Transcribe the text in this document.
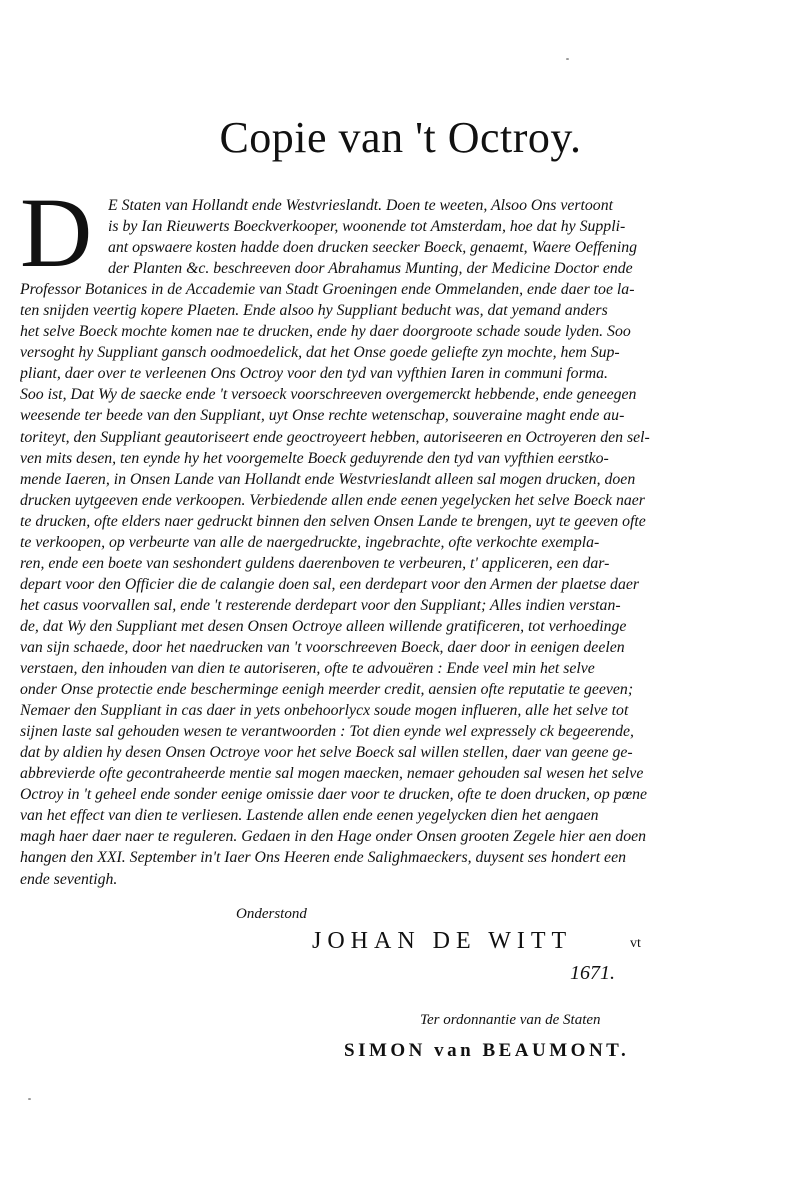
Copie van 't Octroy.
D E Staten van Hollandt ende Westvrieslandt. Doen te weeten, Alsoo Ons vertoont
is by Ian Rieuwerts Boeckverkooper, woonende tot Amsterdam, hoe dat hy Suppli-
ant opswaere kosten hadde doen drucken seecker Boeck, genaemt, Waere Oeffening
der Planten &c. beschreeven door Abrahamus Munting, der Medicine Doctor ende
Professor Botanices in de Accademie van Stadt Groeningen ende Ommelanden, ende daer toe la-
ten snijden veertig kopere Plaeten. Ende alsoo hy Suppliant beducht was, dat yemand anders
het selve Boeck mochte komen nae te drucken, ende hy daer doorgroote schade soude lyden. Soo
versoght hy Suppliant gansch oodmoedelick, dat het Onse goede geliefte zyn mochte, hem Sup-
pliant, daer over te verleenen Ons Octroy voor den tyd van vyfthien Iaren in communi forma.
Soo ist, Dat Wy de saecke ende 't versoeck voorschreeven overgemerckt hebbende, ende geneegen
weesende ter beede van den Suppliant, uyt Onse rechte wetenschap, souveraine maght ende au-
toriteyt, den Suppliant geautoriseert ende geoctroyeert hebben, autoriseeren en Octroyeren den sel-
ven mits desen, ten eynde hy het voorgemelte Boeck geduyrende den tyd van vyfthien eerstko-
mende Iaeren, in Onsen Lande van Hollandt ende Westvrieslandt alleen sal mogen drucken, doen
drucken uytgeeven ende verkoopen. Verbiedende allen ende eenen yegelycken het selve Boeck naer
te drucken, ofte elders naer gedruckt binnen den selven Onsen Lande te brengen, uyt te geeven ofte
te verkoopen, op verbeurte van alle de naergedruckte, ingebrachte, ofte verkochte exempla-
ren, ende een boete van seshondert guldens daerenboven te verbeuren, t' appliceren, een dar-
depart voor den Officier die de calangie doen sal, een derdepart voor den Armen der plaetse daer
het casus voorvallen sal, ende 't resterende derdepart voor den Suppliant; Alles indien verstan-
de, dat Wy den Suppliant met desen Onsen Octroye alleen willende gratificeren, tot verhoedinge
van sijn schaede, door het naedrucken van 't voorschreeven Boeck, daer door in eenigen deelen
verstaen, den inhouden van dien te autoriseren, ofte te advouëren : Ende veel min het selve
onder Onse protectie ende bescherminge eenigh meerder credit, aensien ofte reputatie te geeven;
Nemaer den Suppliant in cas daer in yets onbehoorlycx soude mogen influeren, alle het selve tot
sijnen laste sal gehouden wesen te verantwoorden : Tot dien eynde wel expressely ck begeerende,
dat by aldien hy desen Onsen Octroye voor het selve Boeck sal willen stellen, daer van geene ge-
abbrevierde ofte gecontraheerde mentie sal mogen maecken, nemaer gehouden sal wesen het selve
Octroy in 't geheel ende sonder eenige omissie daer voor te drucken, ofte te doen drucken, op pœne
van het effect van dien te verliesen. Lastende allen ende eenen yegelycken dien het aengaen
magh haer daer naer te reguleren. Gedaen in den Hage onder Onsen grooten Zegele hier aen doen
hangen den XXI. September in't Iaer Ons Heeren ende Salighmaeckers, duysent ses hondert een
ende seventigh.
Onderstond
JOHAN DE WITT	vt
1671.
Ter ordonnantie van de Staten
SIMON van BEAUMONT.
